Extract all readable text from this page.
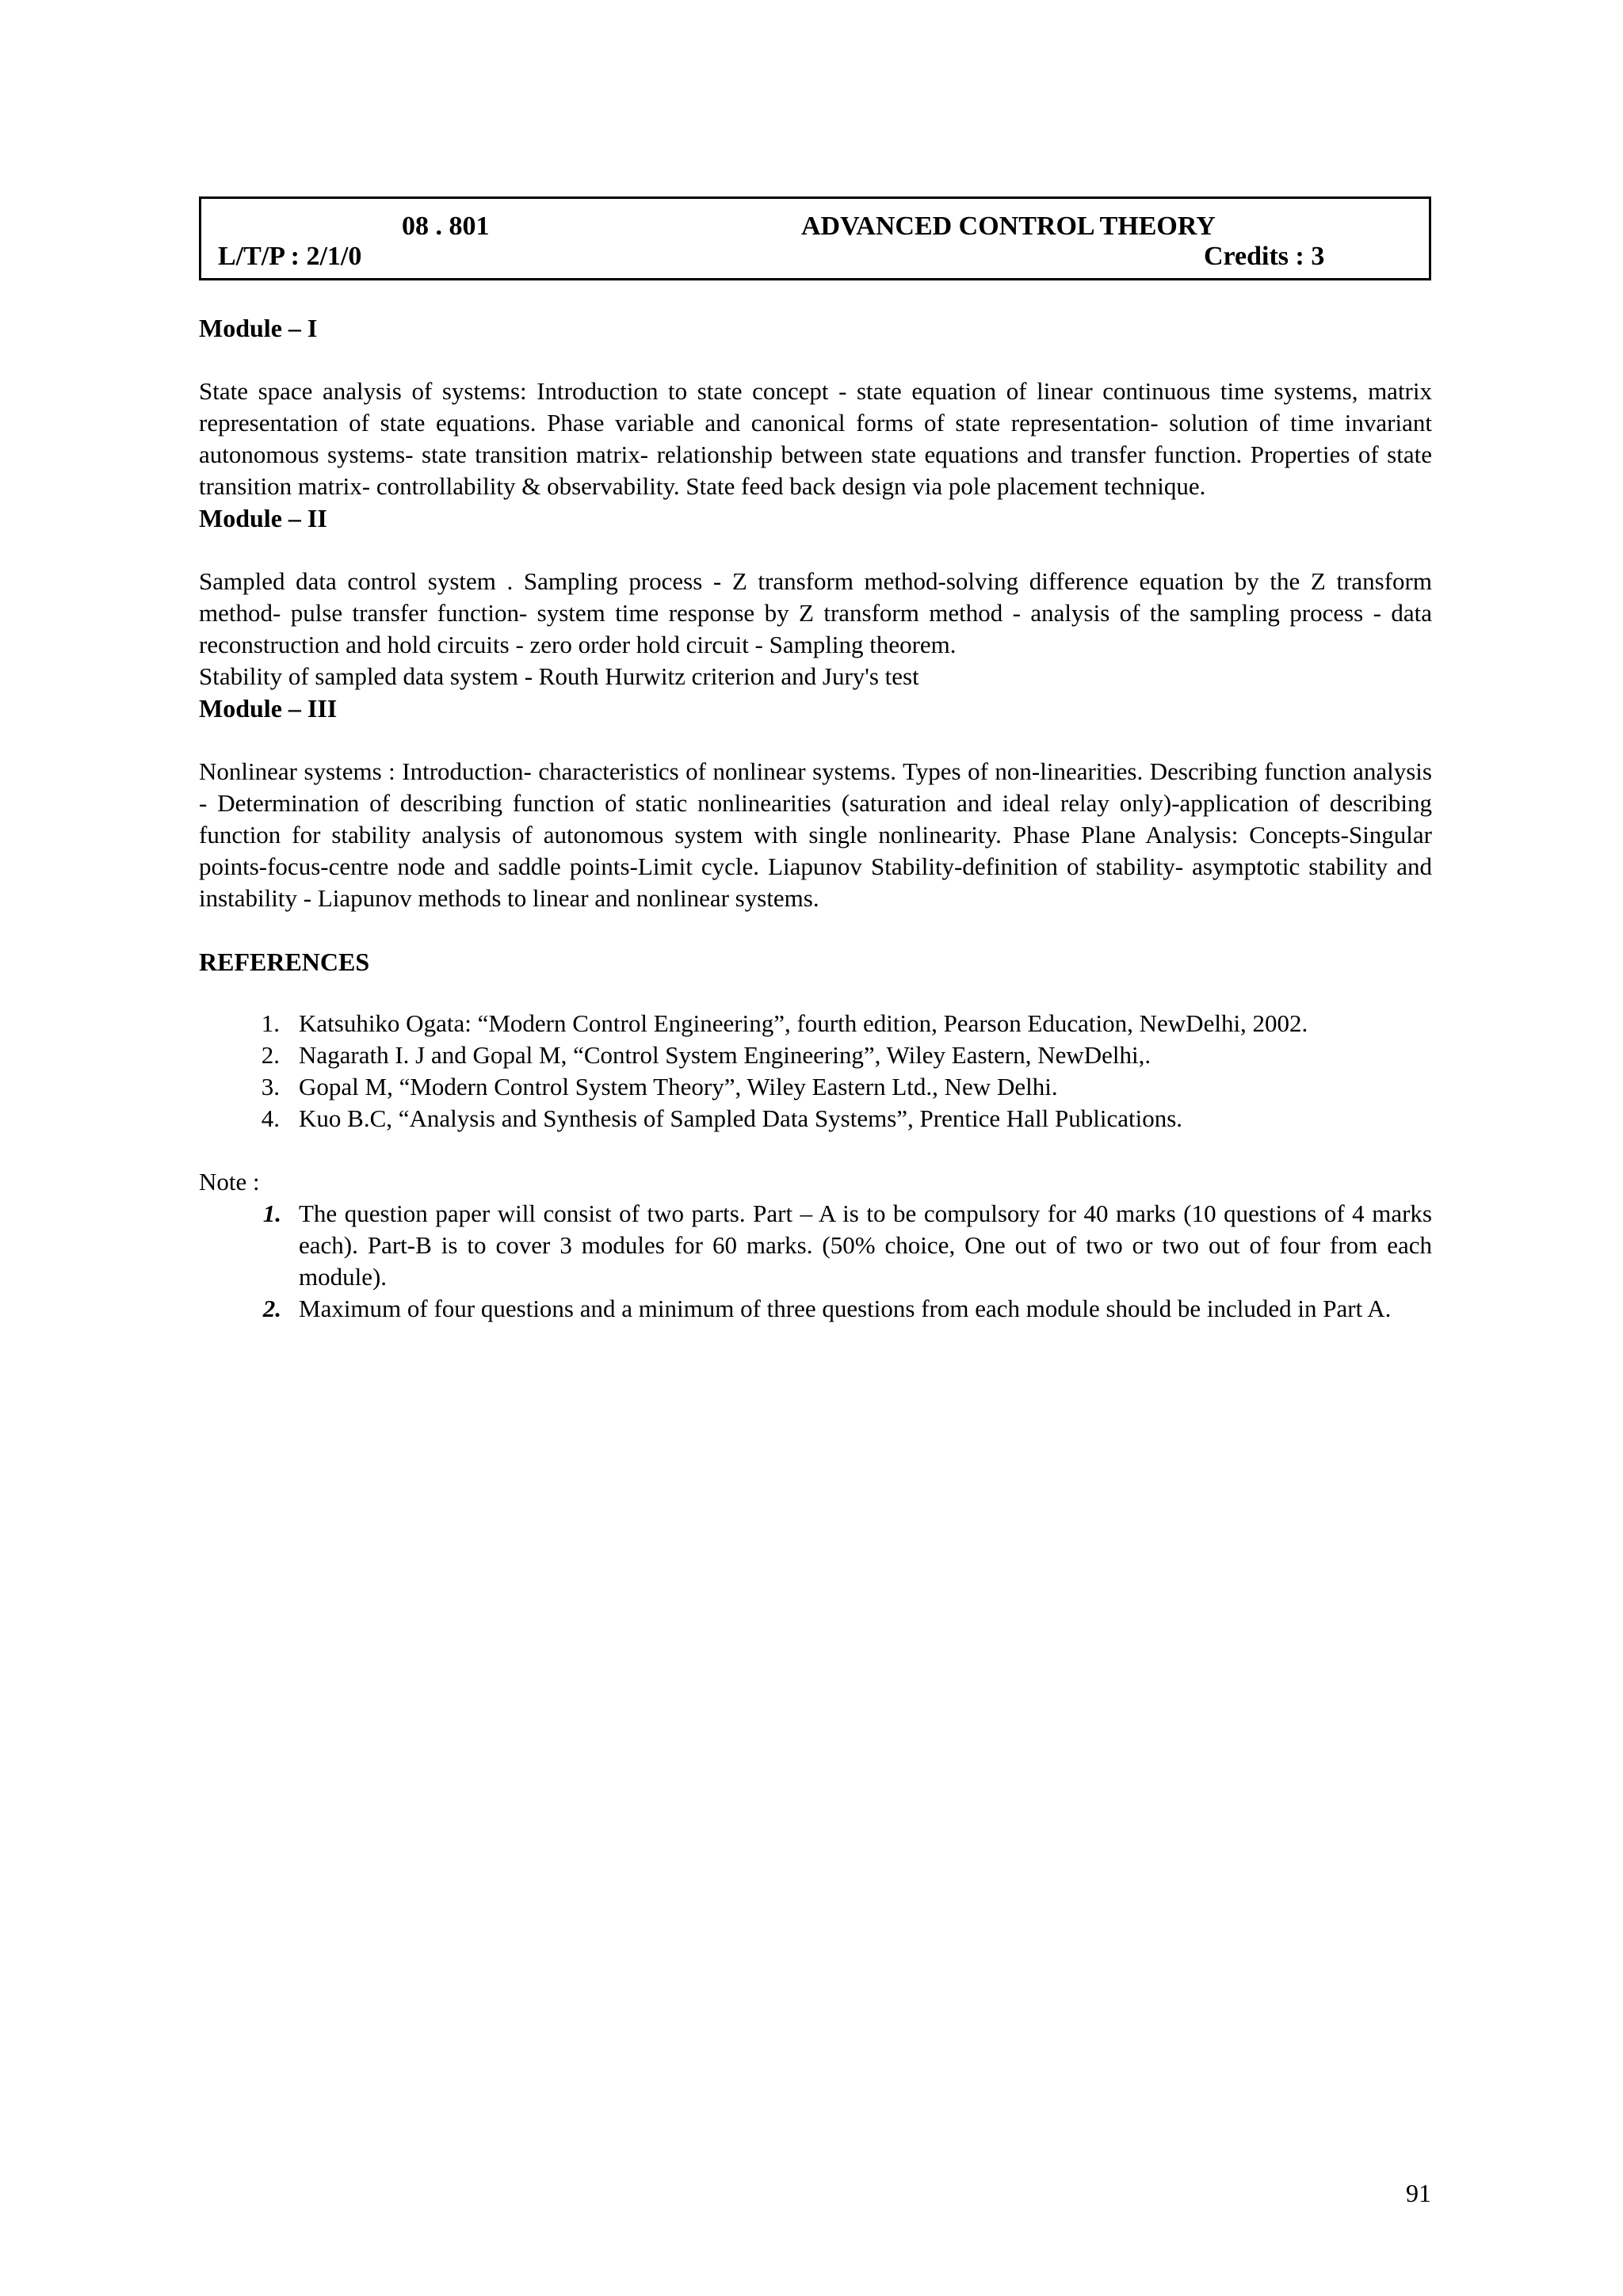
08 . 801	ADVANCED CONTROL THEORY
L/T/P : 2/1/0	Credits : 3

Module – I

State space analysis of systems: Introduction to state concept - state equation of linear continuous time systems, matrix representation of state equations. Phase variable and canonical forms of state representation- solution of time invariant autonomous systems- state transition matrix- relationship between state equations and transfer function. Properties of state transition matrix- controllability & observability. State feed back design via pole placement technique.

Module – II

Sampled data control system . Sampling process - Z transform method-solving difference equation by the Z transform method- pulse transfer function- system time response by Z transform method - analysis of the sampling process - data reconstruction and hold circuits - zero order hold circuit - Sampling theorem.

Stability of sampled data system - Routh Hurwitz criterion and Jury's test

Module – III

Nonlinear systems : Introduction- characteristics of nonlinear systems. Types of non-linearities. Describing function analysis - Determination of describing function of static nonlinearities (saturation and ideal relay only)-application of describing function for stability analysis of autonomous system with single nonlinearity. Phase Plane Analysis: Concepts-Singular points-focus-centre node and saddle points-Limit cycle. Liapunov Stability-definition of stability- asymptotic stability and instability - Liapunov methods to linear and nonlinear systems.

REFERENCES

1. Katsuhiko Ogata: “Modern Control Engineering”, fourth edition, Pearson Education, NewDelhi, 2002.
2. Nagarath I. J and Gopal M, “Control System Engineering”, Wiley Eastern, NewDelhi,.
3. Gopal M, “Modern Control System Theory”, Wiley Eastern Ltd., New Delhi.
4. Kuo B.C, “Analysis and Synthesis of Sampled Data Systems”, Prentice Hall Publications.

Note :

1. The question paper will consist of two parts. Part – A is to be compulsory for 40 marks (10 questions of 4 marks each). Part-B is to cover 3 modules for 60 marks. (50% choice, One out of two or two out of four from each module).
2. Maximum of four questions and a minimum of three questions from each module should be included in Part A.
91
